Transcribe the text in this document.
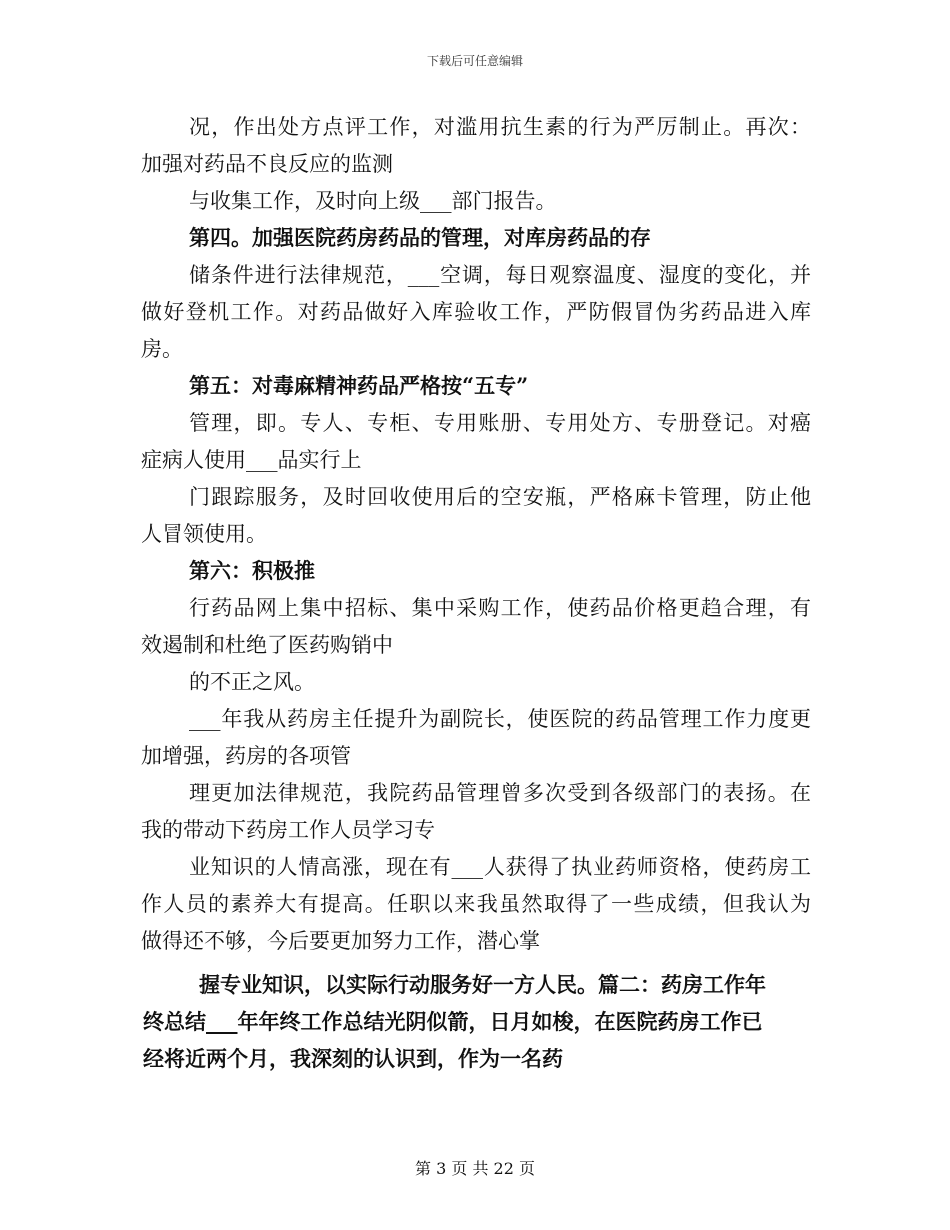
下载后可任意编辑
况，作出处方点评工作，对滥用抗生素的行为严厉制止。再次：
加强对药品不良反应的监测
与收集工作，及时向上级___部门报告。
第四。加强医院药房药品的管理，对库房药品的存
储条件进行法律规范，___空调，每日观察温度、湿度的变化，并
做好登机工作。对药品做好入库验收工作，严防假冒伪劣药品进入库
房。
第五：对毒麻精神药品严格按“五专”
管理，即。专人、专柜、专用账册、专用处方、专册登记。对癌
症病人使用___品实行上
门跟踪服务，及时回收使用后的空安瓶，严格麻卡管理，防止他
人冒领使用。
第六：积极推
行药品网上集中招标、集中采购工作，使药品价格更趋合理，有
效遏制和杜绝了医药购销中
的不正之风。
___年我从药房主任提升为副院长，使医院的药品管理工作力度更
加增强，药房的各项管
理更加法律规范，我院药品管理曾多次受到各级部门的表扬。在
我的带动下药房工作人员学习专
业知识的人情高涨，现在有___人获得了执业药师资格，使药房工
作人员的素养大有提高。任职以来我虽然取得了一些成绩，但我认为
做得还不够，今后要更加努力工作，潜心掌
握专业知识，以实际行动服务好一方人民。篇二：药房工作年
终总结___年年终工作总结光阴似箭，日月如梭，在医院药房工作已
经将近两个月，我深刻的认识到，作为一名药
第 3 页 共 22 页
